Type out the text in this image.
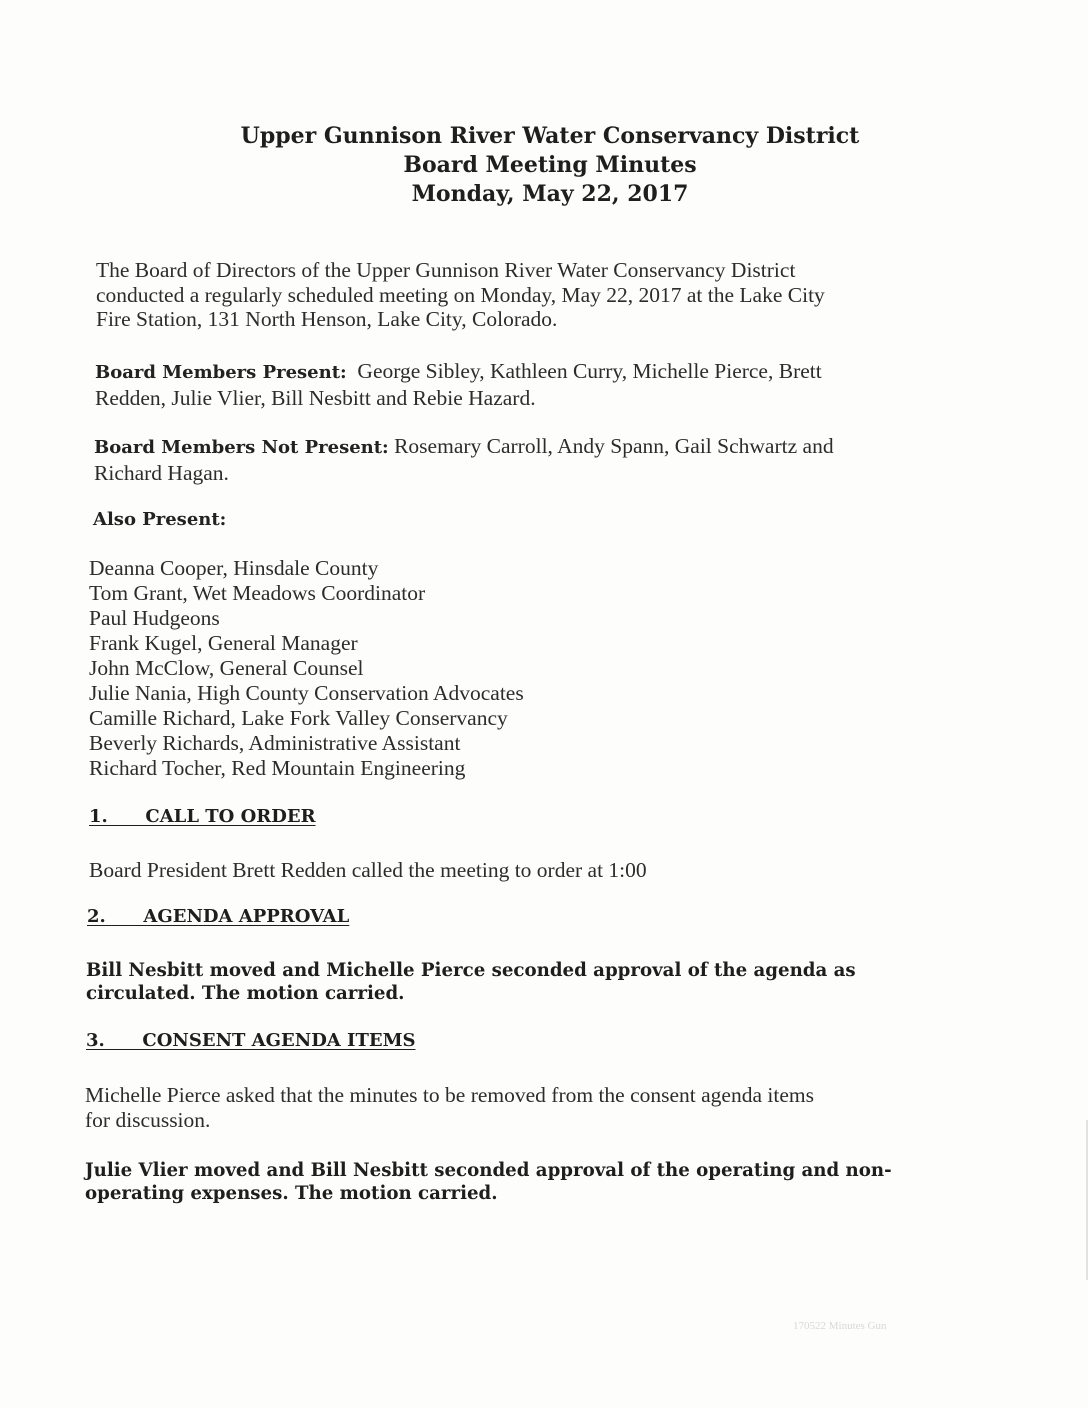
Upper Gunnison River Water Conservancy District
Board Meeting Minutes
Monday, May 22, 2017
The Board of Directors of the Upper Gunnison River Water Conservancy District
conducted a regularly scheduled meeting on Monday, May 22, 2017 at the Lake City
Fire Station, 131 North Henson, Lake City, Colorado.
Board Members Present:  George Sibley, Kathleen Curry, Michelle Pierce, Brett
Redden, Julie Vlier, Bill Nesbitt and Rebie Hazard.
Board Members Not Present: Rosemary Carroll, Andy Spann, Gail Schwartz and
Richard Hagan.
Also Present:
Deanna Cooper, Hinsdale County
Tom Grant, Wet Meadows Coordinator
Paul Hudgeons
Frank Kugel, General Manager
John McClow, General Counsel
Julie Nania, High County Conservation Advocates
Camille Richard, Lake Fork Valley Conservancy
Beverly Richards, Administrative Assistant
Richard Tocher, Red Mountain Engineering
1.      CALL TO ORDER
Board President Brett Redden called the meeting to order at 1:00
2.      AGENDA APPROVAL
Bill Nesbitt moved and Michelle Pierce seconded approval of the agenda as
circulated. The motion carried.
3.      CONSENT AGENDA ITEMS
Michelle Pierce asked that the minutes to be removed from the consent agenda items
for discussion.
Julie Vlier moved and Bill Nesbitt seconded approval of the operating and non-
operating expenses. The motion carried.
170522 Minutes Gun
